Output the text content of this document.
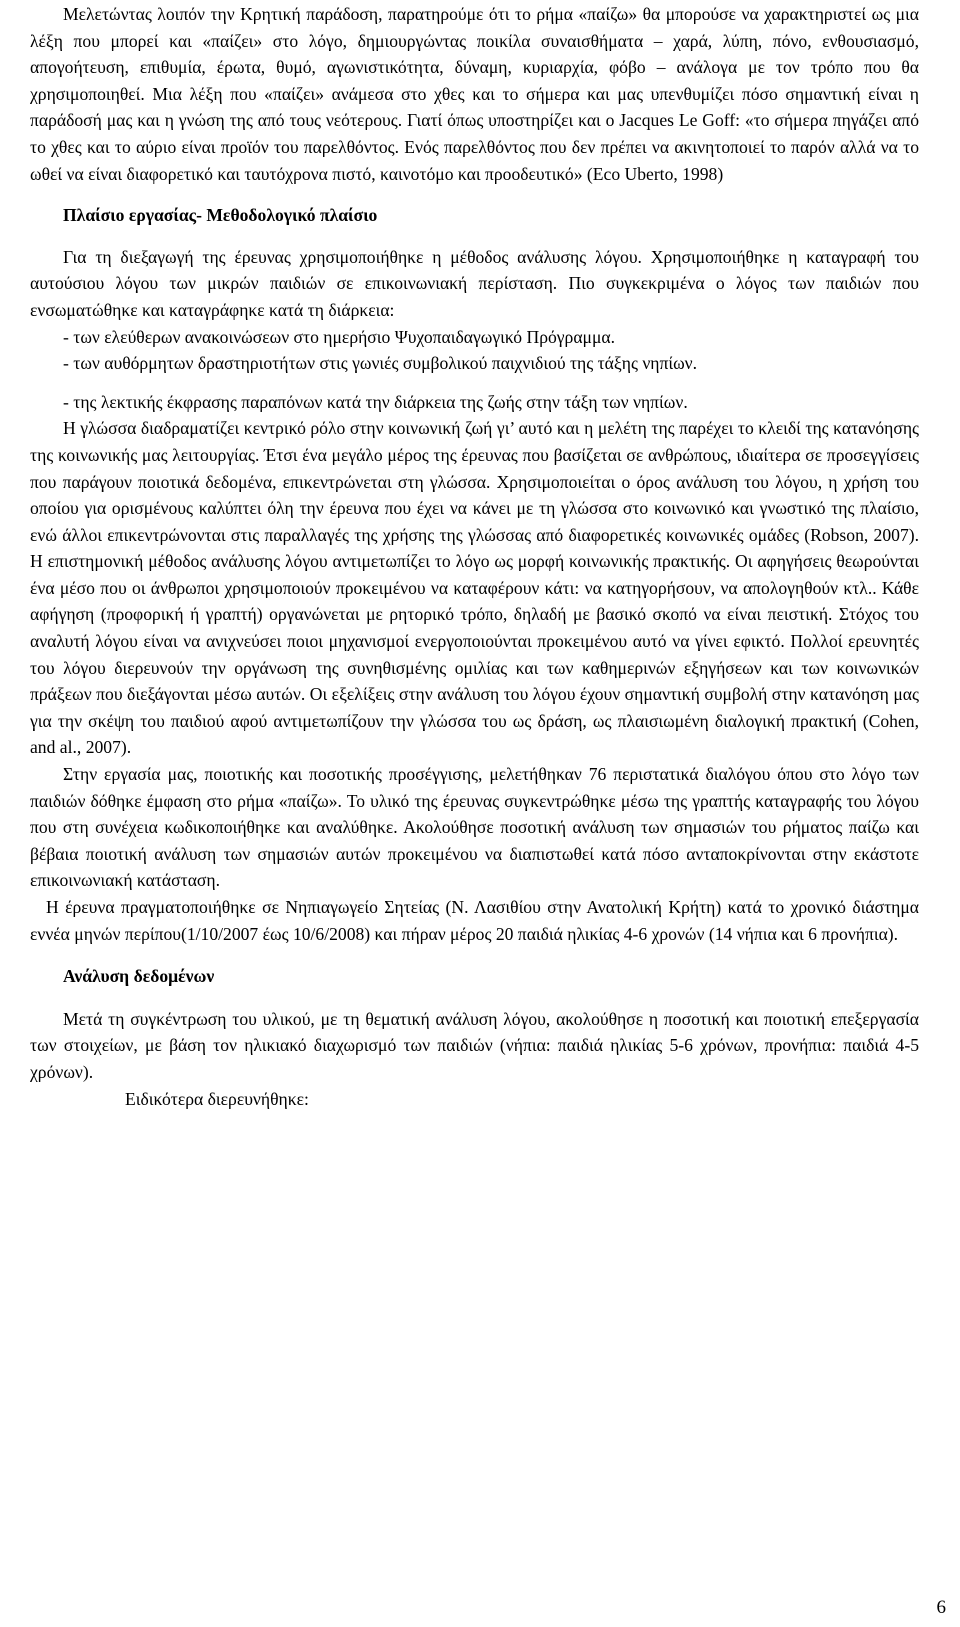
Μελετώντας λοιπόν την Κρητική παράδοση, παρατηρούμε ότι το ρήμα «παίζω» θα μπορούσε να χαρακτηριστεί ως μια λέξη που μπορεί και «παίζει» στο λόγο, δημιουργώντας ποικίλα συναισθήματα – χαρά, λύπη, πόνο, ενθουσιασμό, απογοήτευση, επιθυμία, έρωτα, θυμό, αγωνιστικότητα, δύναμη, κυριαρχία, φόβο – ανάλογα με τον τρόπο που θα χρησιμοποιηθεί. Μια λέξη που «παίζει» ανάμεσα στο χθες και το σήμερα και μας υπενθυμίζει πόσο σημαντική είναι η παράδοσή μας και η γνώση της από τους νεότερους. Γιατί όπως υποστηρίζει και ο Jacques Le Goff: «το σήμερα πηγάζει από το χθες και το αύριο είναι προϊόν του παρελθόντος. Ενός παρελθόντος που δεν πρέπει να ακινητοποιεί το παρόν αλλά να το ωθεί να είναι διαφορετικό και ταυτόχρονα πιστό, καινοτόμο και προοδευτικό» (Eco Uberto, 1998)

Πλαίσιο εργασίας- Μεθοδολογικό πλαίσιο

Για τη διεξαγωγή της έρευνας χρησιμοποιήθηκε η μέθοδος ανάλυσης λόγου. Χρησιμοποιήθηκε η καταγραφή του αυτούσιου λόγου των μικρών παιδιών σε επικοινωνιακή περίσταση. Πιο συγκεκριμένα ο λόγος των παιδιών που ενσωματώθηκε και καταγράφηκε κατά τη διάρκεια:

- των ελεύθερων ανακοινώσεων στο ημερήσιο Ψυχοπαιδαγωγικό Πρόγραμμα.

- των αυθόρμητων δραστηριοτήτων στις γωνιές συμβολικού παιχνιδιού της τάξης νηπίων.

- της λεκτικής έκφρασης παραπόνων κατά την διάρκεια της ζωής στην τάξη των νηπίων.

Η γλώσσα διαδραματίζει κεντρικό ρόλο στην κοινωνική ζωή γι’ αυτό και η μελέτη της παρέχει το κλειδί της κατανόησης της κοινωνικής μας λειτουργίας. Έτσι ένα μεγάλο μέρος της έρευνας που βασίζεται σε ανθρώπους, ιδιαίτερα σε προσεγγίσεις που παράγουν ποιοτικά δεδομένα, επικεντρώνεται στη γλώσσα. Χρησιμοποιείται ο όρος ανάλυση του λόγου, η χρήση του οποίου για ορισμένους καλύπτει όλη την έρευνα που έχει να κάνει με τη γλώσσα στο κοινωνικό και γνωστικό της πλαίσιο, ενώ άλλοι επικεντρώνονται στις παραλλαγές της χρήσης της γλώσσας από διαφορετικές κοινωνικές ομάδες (Robson, 2007). Η επιστημονική μέθοδος ανάλυσης λόγου αντιμετωπίζει το λόγο ως μορφή κοινωνικής πρακτικής. Οι αφηγήσεις θεωρούνται ένα μέσο που οι άνθρωποι χρησιμοποιούν προκειμένου να καταφέρουν κάτι: να κατηγορήσουν, να απολογηθούν κτλ.. Κάθε αφήγηση (προφορική ή γραπτή) οργανώνεται με ρητορικό τρόπο, δηλαδή με βασικό σκοπό να είναι πειστική. Στόχος του αναλυτή λόγου είναι να ανιχνεύσει ποιοι μηχανισμοί ενεργοποιούνται προκειμένου αυτό να γίνει εφικτό. Πολλοί ερευνητές του λόγου διερευνούν την οργάνωση της συνηθισμένης ομιλίας και των καθημερινών εξηγήσεων και των κοινωνικών πράξεων που διεξάγονται μέσω αυτών. Οι εξελίξεις στην ανάλυση του λόγου έχουν σημαντική συμβολή στην κατανόηση μας για την σκέψη του παιδιού αφού αντιμετωπίζουν την γλώσσα του ως δράση, ως πλαισιωμένη διαλογική πρακτική (Cohen, and al., 2007).

Στην εργασία μας, ποιοτικής και ποσοτικής προσέγγισης, μελετήθηκαν 76 περιστατικά διαλόγου όπου στο λόγο των παιδιών δόθηκε έμφαση στο ρήμα «παίζω». Το υλικό της έρευνας συγκεντρώθηκε μέσω της γραπτής καταγραφής του λόγου που στη συνέχεια κωδικοποιήθηκε και αναλύθηκε. Ακολούθησε ποσοτική ανάλυση των σημασιών του ρήματος παίζω και βέβαια ποιοτική ανάλυση των σημασιών αυτών προκειμένου να διαπιστωθεί κατά πόσο ανταποκρίνονται στην εκάστοτε επικοινωνιακή κατάσταση.

Η έρευνα πραγματοποιήθηκε σε Νηπιαγωγείο Σητείας (Ν. Λασιθίου στην Ανατολική Κρήτη) κατά το χρονικό διάστημα εννέα μηνών περίπου(1/10/2007 έως 10/6/2008) και πήραν μέρος 20 παιδιά ηλικίας 4-6 χρονών (14 νήπια και 6 προνήπια).

Ανάλυση δεδομένων

Μετά τη συγκέντρωση του υλικού, με τη θεματική ανάλυση λόγου, ακολούθησε η ποσοτική και ποιοτική επεξεργασία των στοιχείων, με βάση τον ηλικιακό διαχωρισμό των παιδιών (νήπια: παιδιά ηλικίας 5-6 χρόνων, προνήπια: παιδιά 4-5 χρόνων).

Ειδικότερα διερευνήθηκε:

6
